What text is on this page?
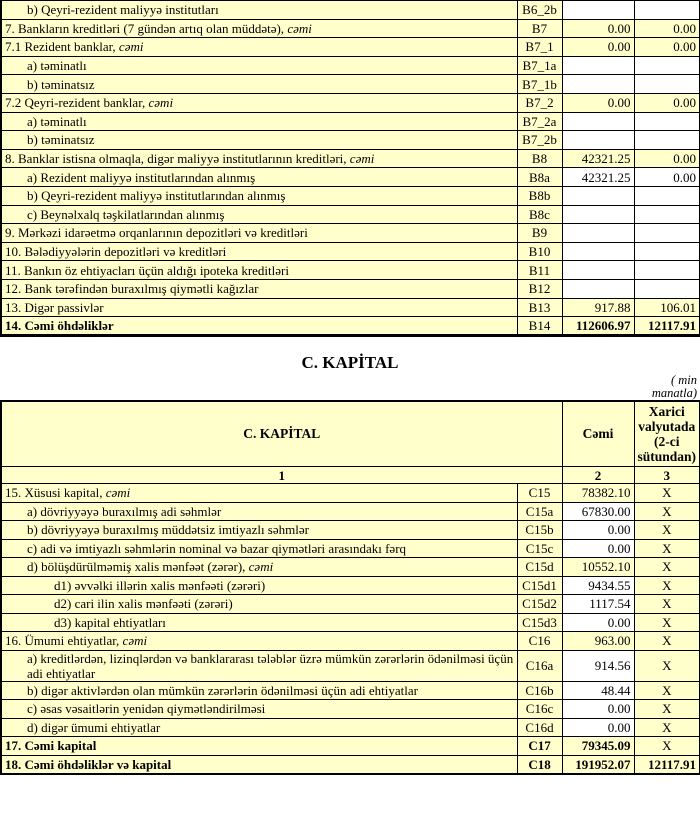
b) Qeyri-rezident maliyyə institutları	B6_2b		
7. Bankların kreditləri (7 gündən artıq olan müddətə), cəmi	B7	0.00	0.00
7.1 Rezident banklar, cəmi	B7_1	0.00	0.00
a) təminatlı	B7_1a		
b) təminatsız	B7_1b		
7.2 Qeyri-rezident banklar, cəmi	B7_2	0.00	0.00
a) təminatlı	B7_2a		
b) təminatsız	B7_2b		
8. Banklar istisna olmaqla, digər maliyyə institutlarının kreditləri, cəmi	B8	42321.25	0.00
a) Rezident maliyyə institutlarından alınmış	B8a	42321.25	0.00
b) Qeyri-rezident maliyyə institutlarından alınmış	B8b		
c) Beynəlxalq təşkilatlarından alınmış	B8c		
9. Mərkəzi idarəetmə orqanlarının depozitləri və kreditləri	B9		
10. Bələdiyyələrin depozitləri və kreditləri	B10		
11. Bankın öz ehtiyacları üçün aldığı ipoteka kreditləri	B11		
12. Bank tərəfindən buraxılmış qiymətli kağızlar	B12		
13. Digər passivlər	B13	917.88	106.01
14. Cəmi öhdəliklər	B14	112606.97	12117.91
C. KAPİTAL
( min
manatla)
C. KAPİTAL		Cəmi	Xarici valyutada (2-ci sütundan)
1		2	3
15. Xüsusi kapital, cəmi	C15	78382.10	X
a) dövriyyəyə buraxılmış adi səhmlər	C15a	67830.00	X
b) dövriyyəyə buraxılmış müddətsiz imtiyazlı səhmlər	C15b	0.00	X
c) adi və imtiyazlı səhmlərin nominal və bazar qiymətləri arasındakı fərq	C15c	0.00	X
d) bölüşdürülməmiş xalis mənfəət (zərər), cəmi	C15d	10552.10	X
d1) əvvəlki illərin xalis mənfəəti (zərəri)	C15d1	9434.55	X
d2) cari ilin xalis mənfəəti (zərəri)	C15d2	1117.54	X
d3) kapital ehtiyatları	C15d3	0.00	X
16. Ümumi ehtiyatlar, cəmi	C16	963.00	X
a) kreditlərdən, lizinqlərdən və banklararası tələblər üzrə mümkün zərərlərin ödənilməsi üçün adi ehtiyatlar	C16a	914.56	X
b) digər aktivlərdən olan mümkün zərərlərin ödənilməsi üçün adi ehtiyatlar	C16b	48.44	X
c) əsas vəsaitlərin yenidən qiymətləndirilməsi	C16c	0.00	X
d) digər ümumi ehtiyatlar	C16d	0.00	X
17. Cəmi kapital	C17	79345.09	X
18. Cəmi öhdəliklər və kapital	C18	191952.07	12117.91
